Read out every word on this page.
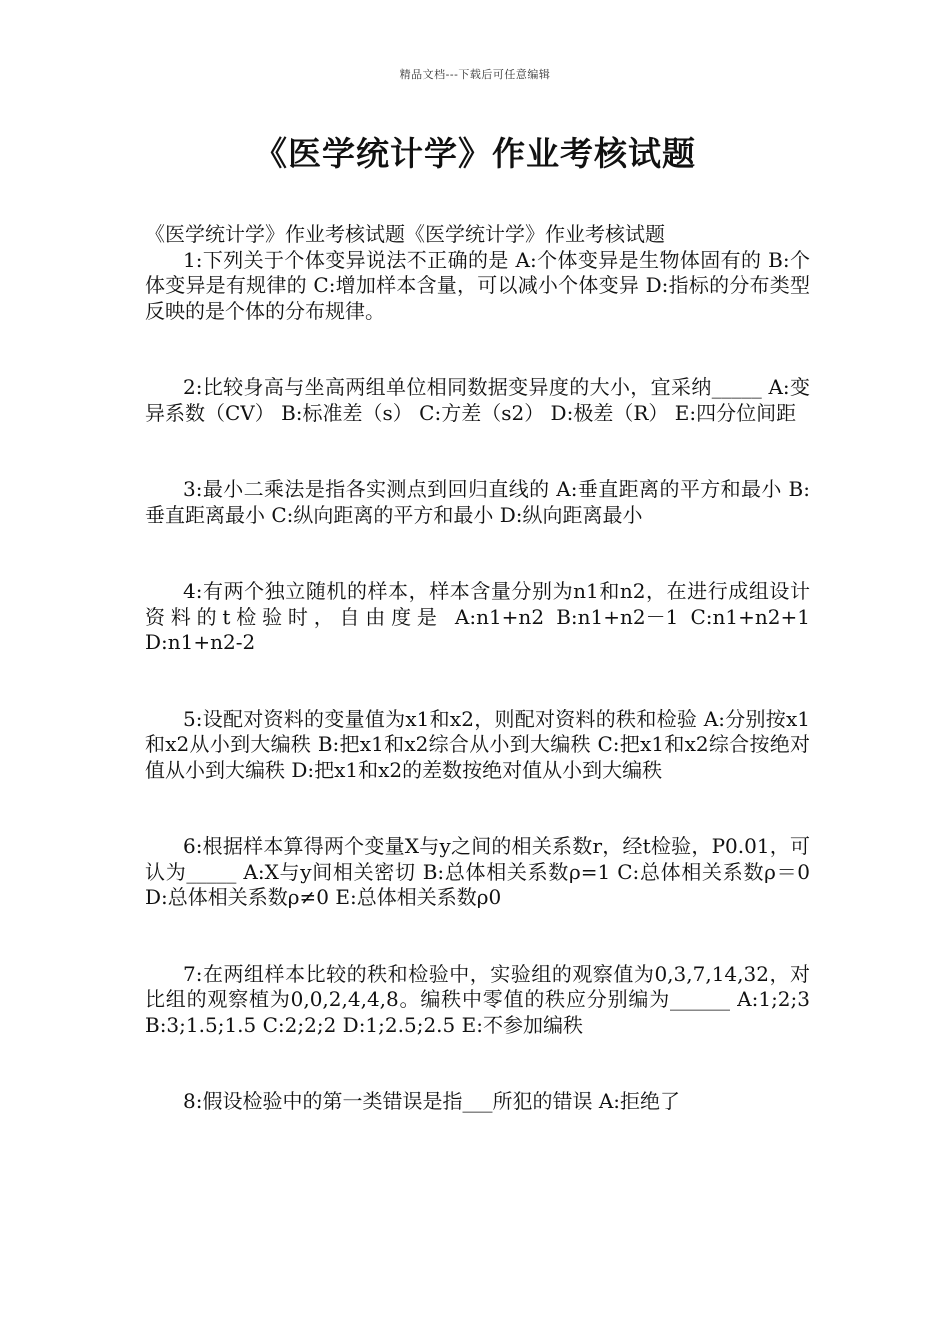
精品文档---下载后可任意编辑
《医学统计学》作业考核试题

《医学统计学》作业考核试题《医学统计学》作业考核试题

1:下列关于个体变异说法不正确的是 A:个体变异是生物体固有的 B:个体变异是有规律的 C:增加样本含量，可以减小个体变异 D:指标的分布类型反映的是个体的分布规律。

2:比较身高与坐高两组单位相同数据变异度的大小，宜采纳_____ A:变异系数（CV） B:标准差（s） C:方差（s2） D:极差（R） E:四分位间距

3:最小二乘法是指各实测点到回归直线的 A:垂直距离的平方和最小 B:垂直距离最小 C:纵向距离的平方和最小 D:纵向距离最小

4:有两个独立随机的样本，样本含量分别为n1和n2，在进行成组设计资料的t检验时，自由度是 A:n1+n2 B:n1+n2－1 C:n1+n2+1 D:n1+n2-2

5:设配对资料的变量值为x1和x2，则配对资料的秩和检验 A:分别按x1和x2从小到大编秩 B:把x1和x2综合从小到大编秩 C:把x1和x2综合按绝对值从小到大编秩 D:把x1和x2的差数按绝对值从小到大编秩

6:根据样本算得两个变量X与y之间的相关系数r，经t检验，P0.01，可认为_____ A:X与y间相关密切 B:总体相关系数ρ=1 C:总体相关系数ρ＝0 D:总体相关系数ρ≠0 E:总体相关系数ρ0

7:在两组样本比较的秩和检验中，实验组的观察值为0,3,7,14,32，对比组的观察植为0,0,2,4,4,8。编秩中零值的秩应分别编为______ A:1;2;3 B:3;1.5;1.5 C:2;2;2 D:1;2.5;2.5 E:不参加编秩

8:假设检验中的第一类错误是指___所犯的错误 A:拒绝了
